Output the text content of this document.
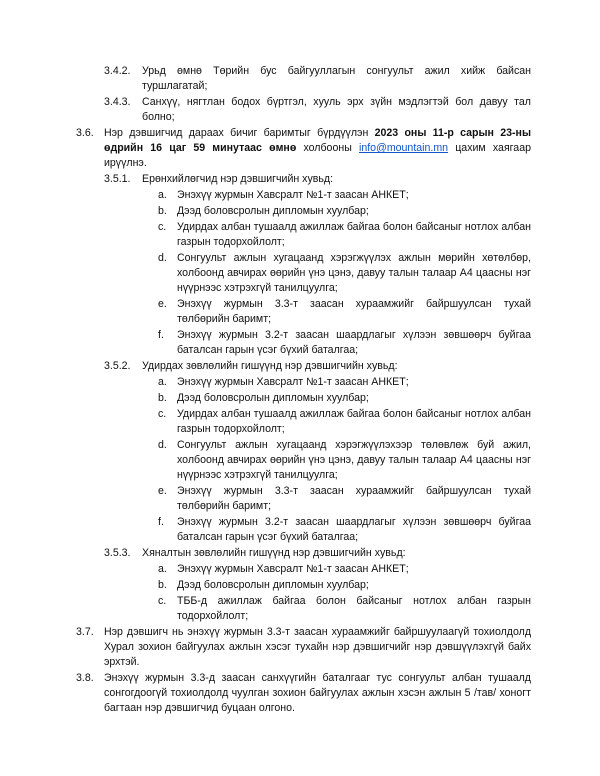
3.4.2. Урьд өмнө Төрийн бус байгууллагын сонгуульт ажил хийж байсан туршлагатай;
3.4.3. Санхүү, нягтлан бодох бүртгэл, хууль эрх зүйн мэдлэгтэй бол давуу тал болно;
3.6. Нэр дэвшигчид дараах бичиг баримтыг бүрдүүлэн 2023 оны 11-р сарын 23-ны өдрийн 16 цаг 59 минутаас өмнө холбооны info@mountain.mn цахим хаягаар ирүүлнэ.
3.5.1. Ерөнхийлөгчид нэр дэвшигчийн хувьд:
a. Энэхүү журмын Хавсралт №1-т заасан АНКЕТ;
b. Дээд боловсролын дипломын хуулбар;
c. Удирдах албан тушаалд ажиллаж байгаа болон байсаныг нотлох албан газрын тодорхойлолт;
d. Сонгуульт ажлын хугацаанд хэрэгжүүлэх ажлын мөрийн хөтөлбөр, холбоонд авчирах өөрийн үнэ цэнэ, давуу талын талаар А4 цаасны нэг нүүрнээс хэтрэхгүй танилцуулга;
e. Энэхүү журмын 3.3-т заасан хураамжийг байршуулсан тухай төлбөрийн баримт;
f. Энэхүү журмын 3.2-т заасан шаардлагыг хүлээн зөвшөөрч буйгаа баталсан гарын үсэг бүхий баталгаа;
3.5.2. Удирдах зөвлөлийн гишүүнд нэр дэвшигчийн хувьд:
a. Энэхүү журмын Хавсралт №1-т заасан АНКЕТ;
b. Дээд боловсролын дипломын хуулбар;
c. Удирдах албан тушаалд ажиллаж байгаа болон байсаныг нотлох албан газрын тодорхойлолт;
d. Сонгуульт ажлын хугацаанд хэрэгжүүлэхээр төлөвлөж буй ажил, холбоонд авчирах өөрийн үнэ цэнэ, давуу талын талаар А4 цаасны нэг нүүрнээс хэтрэхгүй танилцуулга;
e. Энэхүү журмын 3.3-т заасан хураамжийг байршуулсан тухай төлбөрийн баримт;
f. Энэхүү журмын 3.2-т заасан шаардлагыг хүлээн зөвшөөрч буйгаа баталсан гарын үсэг бүхий баталгаа;
3.5.3. Хяналтын зөвлөлийн гишүүнд нэр дэвшигчийн хувьд:
a. Энэхүү журмын Хавсралт №1-т заасан АНКЕТ;
b. Дээд боловсролын дипломын хуулбар;
c. ТББ-д ажиллаж байгаа болон байсаныг нотлох албан газрын тодорхойлолт;
3.7. Нэр дэвшигч нь энэхүү журмын 3.3-т заасан хураамжийг байршуулаагүй тохиолдолд Хурал зохион байгуулах ажлын хэсэг тухайн нэр дэвшигчийг нэр дэвшүүлэхгүй байх эрхтэй.
3.8. Энэхүү журмын 3.3-д заасан санхүүгийн баталгааг тус сонгуульт албан тушаалд сонгогдоогүй тохиолдолд чуулган зохион байгуулах ажлын хэсэн ажлын 5 /тав/ хоногт багтаан нэр дэвшигчид буцаан олгоно.
